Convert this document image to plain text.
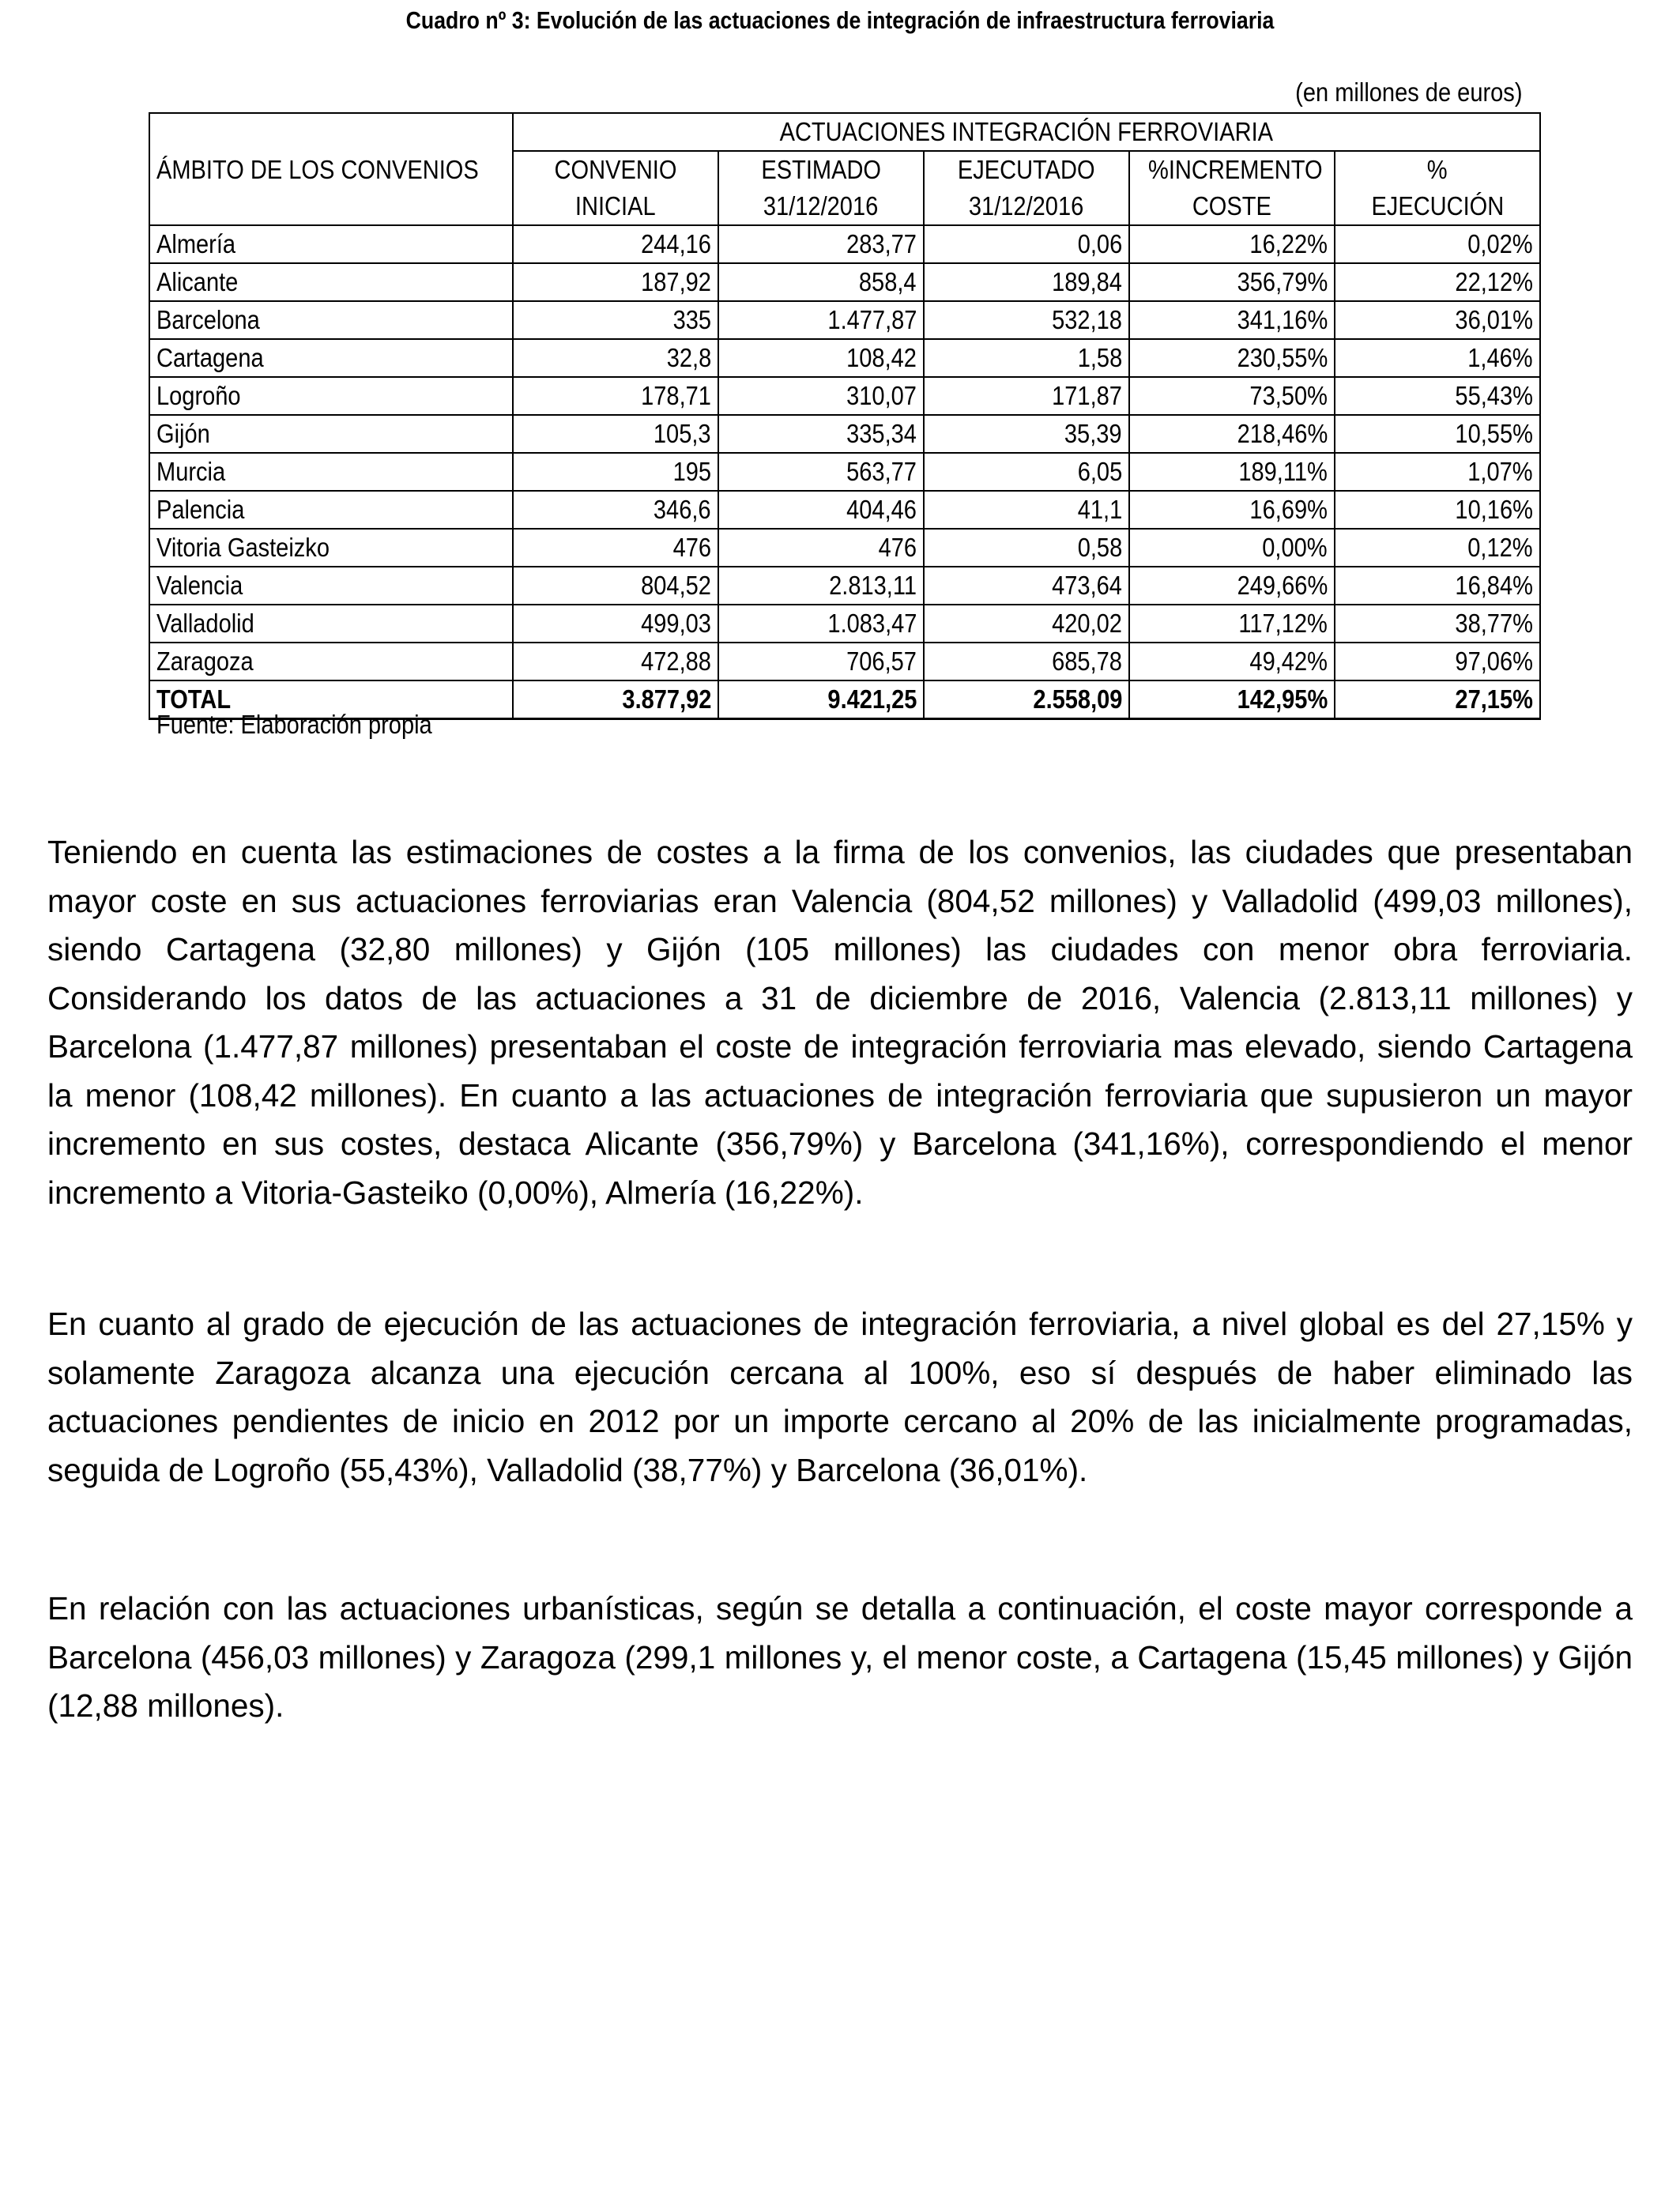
Cuadro nº 3: Evolución de las actuaciones de integración de infraestructura ferroviaria
(en millones de euros)
	ACTUACIONES INTEGRACIÓN FERROVIARIA				
ÁMBITO DE LOS CONVENIOS	CONVENIO	ESTIMADO	EJECUTADO	%INCREMENTO	%
	INICIAL	31/12/2016	31/12/2016	COSTE	EJECUCIÓN
Almería	244,16	283,77	0,06	16,22%	0,02%
Alicante	187,92	858,4	189,84	356,79%	22,12%
Barcelona	335	1.477,87	532,18	341,16%	36,01%
Cartagena	32,8	108,42	1,58	230,55%	1,46%
Logroño	178,71	310,07	171,87	73,50%	55,43%
Gijón	105,3	335,34	35,39	218,46%	10,55%
Murcia	195	563,77	6,05	189,11%	1,07%
Palencia	346,6	404,46	41,1	16,69%	10,16%
Vitoria Gasteizko	476	476	0,58	0,00%	0,12%
Valencia	804,52	2.813,11	473,64	249,66%	16,84%
Valladolid	499,03	1.083,47	420,02	117,12%	38,77%
Zaragoza	472,88	706,57	685,78	49,42%	97,06%
TOTAL	3.877,92	9.421,25	2.558,09	142,95%	27,15%
Fuente: Elaboración propia

Teniendo en cuenta las estimaciones de costes a la firma de los convenios, las ciudades que presentaban mayor coste en sus actuaciones ferroviarias eran Valencia (804,52 millones) y Valladolid (499,03 millones), siendo Cartagena (32,80 millones) y Gijón (105 millones) las ciudades con menor obra ferroviaria. Considerando los datos de las actuaciones a 31 de diciembre de 2016, Valencia (2.813,11 millones) y Barcelona (1.477,87 millones) presentaban el coste de integración ferroviaria mas elevado, siendo Cartagena la menor (108,42 millones). En cuanto a las actuaciones de integración ferroviaria que supusieron un mayor incremento en sus costes, destaca Alicante (356,79%) y Barcelona (341,16%), correspondiendo el menor incremento a Vitoria-Gasteiko (0,00%), Almería (16,22%).

En cuanto al grado de ejecución de las actuaciones de integración ferroviaria, a nivel global es del 27,15% y solamente Zaragoza alcanza una ejecución cercana al 100%, eso sí después de haber eliminado las actuaciones pendientes de inicio en 2012 por un importe cercano al 20% de las inicialmente programadas, seguida de Logroño (55,43%), Valladolid (38,77%) y Barcelona (36,01%).

En relación con las actuaciones urbanísticas, según se detalla a continuación, el coste mayor corresponde a Barcelona (456,03 millones) y Zaragoza (299,1 millones y, el menor coste, a Cartagena (15,45 millones) y Gijón (12,88 millones).
